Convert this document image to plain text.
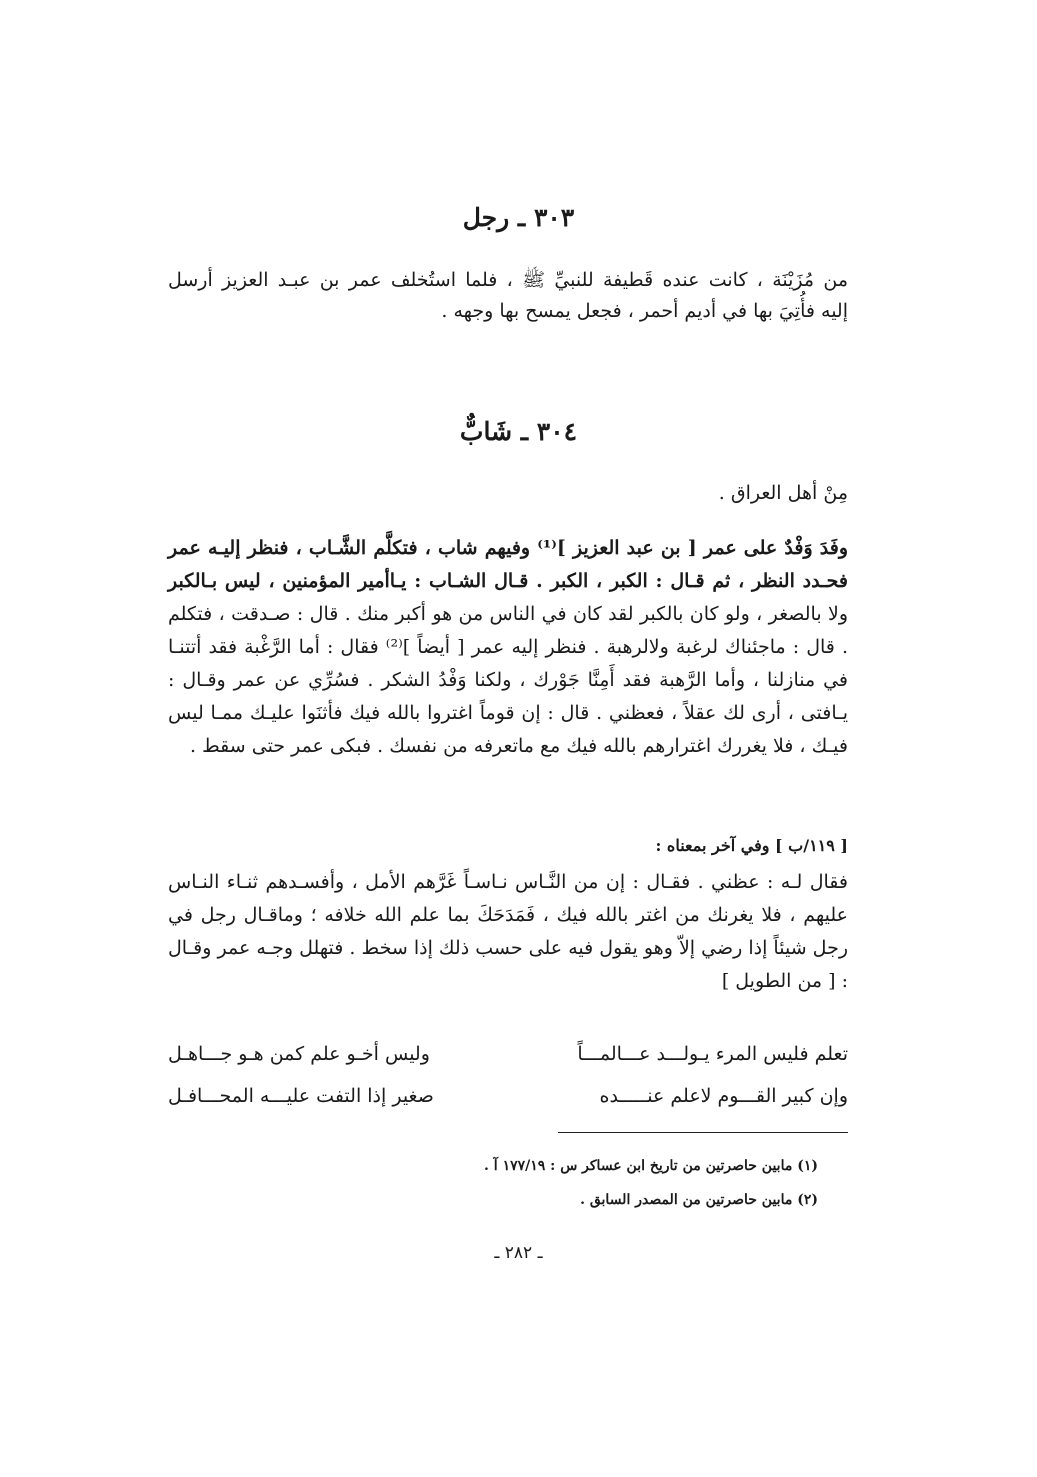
٣٠٣ ـ رجل
من مُزَيْنَة ، كانت عنده قَطيفة للنبيِّ ﷺ ، فلما استُخلف عمر بن عبـد العزيز أرسل
إليه فأُتِيَ بها في أديم أحمر ، فجعل يمسح بها وجهه .
٣٠٤ ـ شَابٌّ
مِنْ أهل العراق .
وفَدَ وَفْدٌ على عمر [ بن عبد العزيز ]⁽¹⁾ وفيهم شاب ، فتكلَّم الشَّـاب ، فنظر إليـه عمر فحـدد النظر ، ثم قـال : الكبر ، الكبر . قـال الشـاب : يـاأمير المؤمنين ، ليس بـالكبر ولا بالصغر ، ولو كان بالكبر لقد كان في الناس من هو أكبر منك . قال : صـدقت ، فتكلم . قال : ماجئناك لرغبة ولالرهبة . فنظر إليه عمر [ أيضاً ]⁽²⁾ فقال : أما الرَّغْبة فقد أتتنـا في منازلنا ، وأما الرَّهبة فقد أَمِنَّا جَوْرك ، ولكنا وَفْدُ الشكر . فسُرِّي عن عمر وقـال : يـافتى ، أرى لك عقلاً ، فعظني . قال : إن قوماً اغتروا بالله فيك فأثنَوا عليـك ممـا ليس فيـك ، فلا يغررك اغترارهم بالله فيك مع ماتعرفه من نفسك . فبكى عمر حتى سقط .
[ ١١٩/ب ] وفي آخر بمعناه :
فقال لـه : عظني . فقـال : إن من النَّـاس نـاسـاً غَرَّهم الأمل ، وأفسـدهم ثنـاء النـاس عليهم ، فلا يغرنك من اغتر بالله فيك ، فَمَدَحَكَ بما علم الله خلافه ؛ وماقـال رجل في رجل شيئاً إذا رضي إلاّ وهو يقول فيه على حسب ذلك إذا سخط . فتهلل وجـه عمر وقـال : [ من الطويل ]
تعلم فليس المرء يـولـــد عـــالمـــاً
وليس أخـو علم كمن هـو جـــاهـل
وإن كبير القـــوم لاعلم عنـــــده
صغير إذا التفت عليـــه المحـــافـل
(١) مابين حاصرتين من تاريخ ابن عساكر س : ١٧٧/١٩ آ .
(٢) مابين حاصرتين من المصدر السابق .
ـ ٢٨٢ ـ
